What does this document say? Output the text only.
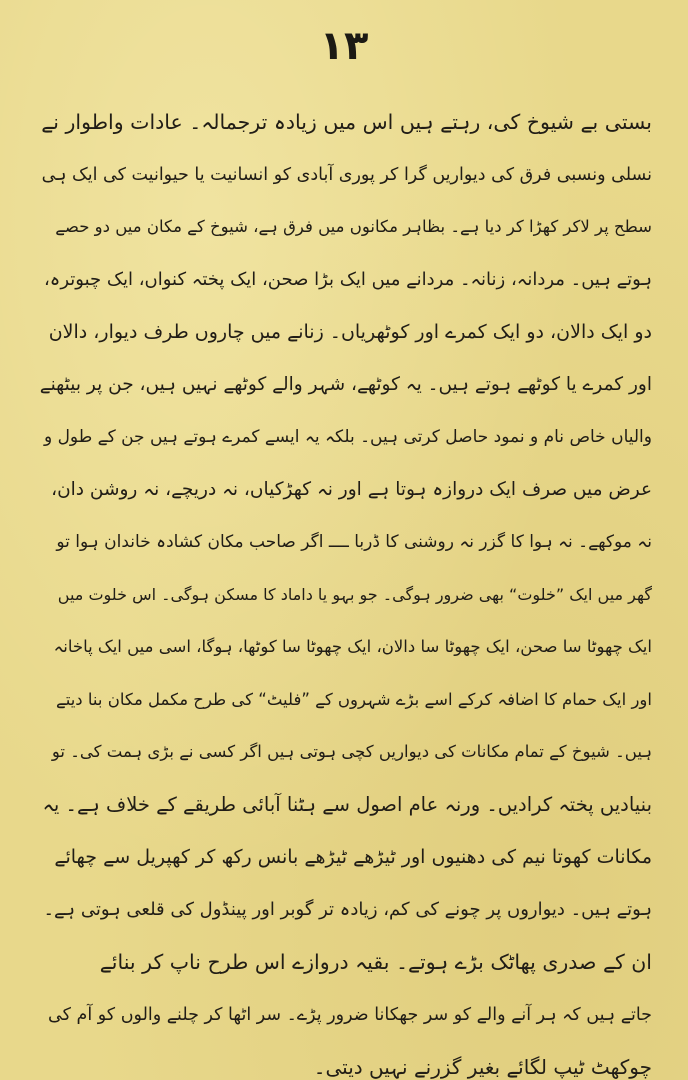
۱۳
بستی بے شیوخ کی، رہتے ہیں اس میں زیادہ ترجمالہ۔ عادات واطوار نے
نسلی ونسبی فرق کی دیواریں گرا کر پوری آبادی کو انسانیت یا حیوانیت کی ایک ہی
سطح پر لاکر کھڑا کر دیا ہے۔ بظاہر مکانوں میں فرق ہے، شیوخ کے مکان میں دو حصے
ہوتے ہیں۔ مردانہ، زنانہ۔ مردانے میں ایک بڑا صحن، ایک پختہ کنواں، ایک چبوترہ،
دو ایک دالان، دو ایک کمرے اور کوٹھریاں۔ زنانے میں چاروں طرف دیوار، دالان
اور کمرے یا کوٹھے ہوتے ہیں۔ یہ کوٹھے، شہر والے کوٹھے نہیں ہیں، جن پر بیٹھنے
والیاں خاص نام و نمود حاصل کرتی ہیں۔ بلکہ یہ ایسے کمرے ہوتے ہیں جن کے طول و
عرض میں صرف ایک دروازہ ہوتا ہے اور نہ کھڑکیاں، نہ دریچے، نہ روشن دان،
نہ موکھے۔ نہ ہوا کا گزر نہ روشنی کا ڈربا ــــ اگر صاحب مکان کشادہ خاندان ہوا تو
گھر میں ایک ”خلوت“ بھی ضرور ہوگی۔ جو بہو یا داماد کا مسکن ہوگی۔ اس خلوت میں
ایک چھوٹا سا صحن، ایک چھوٹا سا دالان، ایک چھوٹا سا کوٹھا، ہوگا، اسی میں ایک پاخانہ
اور ایک حمام کا اضافہ کرکے اسے بڑے شہروں کے ”فلیٹ“ کی طرح مکمل مکان بنا دیتے
ہیں۔ شیوخ کے تمام مکانات کی دیواریں کچی ہوتی ہیں اگر کسی نے بڑی ہمت کی۔ تو
بنیادیں پختہ کرادیں۔ ورنہ عام اصول سے ہٹنا آبائی طریقے کے خلاف ہے۔ یہ
مکانات کھوتا نیم کی دھنیوں اور ٹیڑھے ٹیڑھے بانس رکھ کر کھپریل سے چھائے
ہوتے ہیں۔ دیواروں پر چونے کی کم، زیادہ تر گوبر اور پینڈول کی قلعی ہوتی ہے۔
ان کے صدری پھاٹک بڑے ہوتے۔ بقیہ دروازے اس طرح ناپ کر بنائے
جاتے ہیں کہ ہر آنے والے کو سر جھکانا ضرور پڑے۔ سر اٹھا کر چلنے والوں کو آم کی
چوکھٹ ٹیپ لگائے بغیر گزرنے نہیں دیتی۔
